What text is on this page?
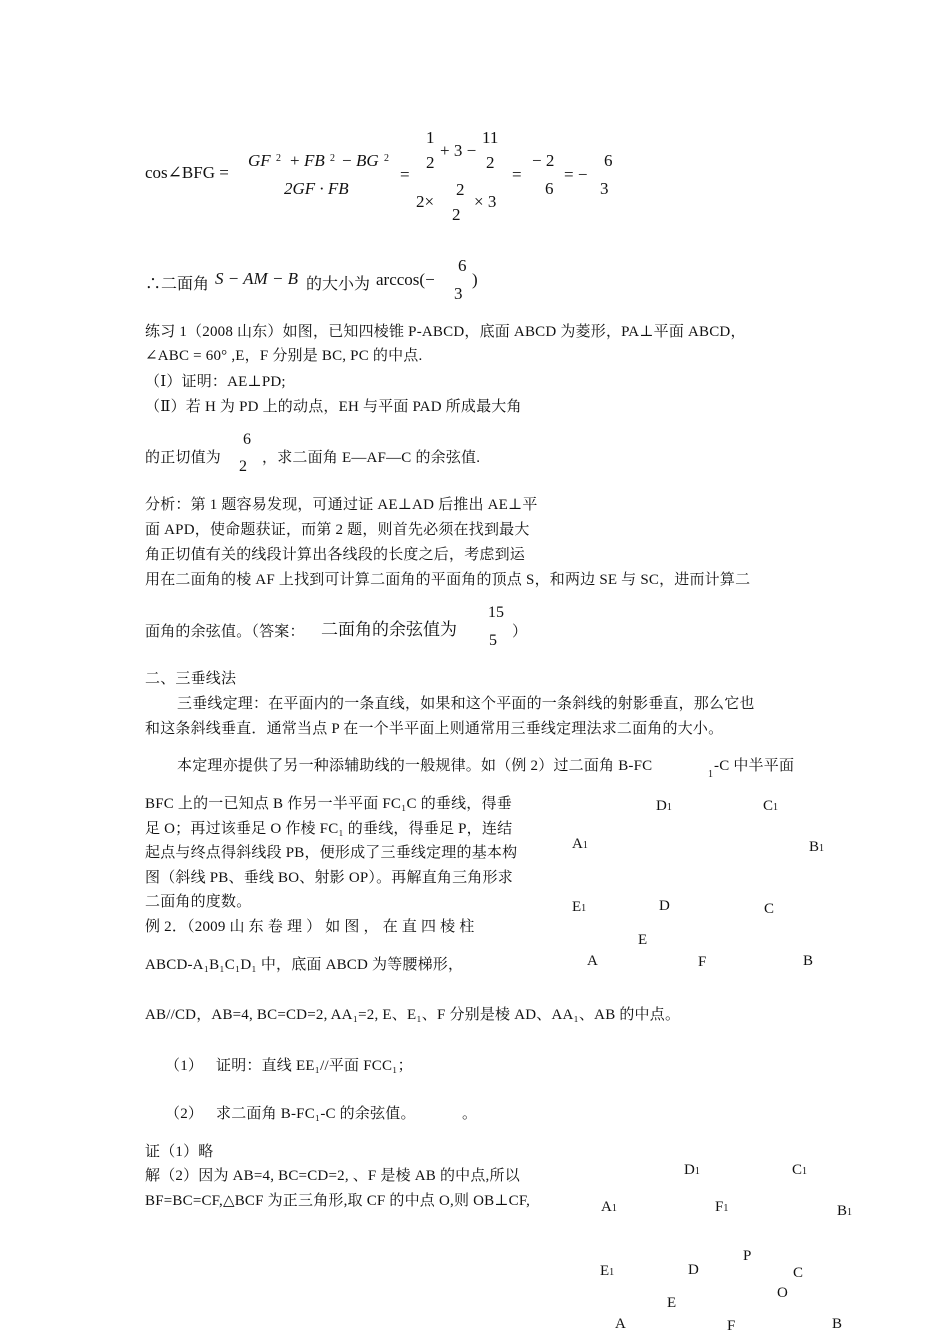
cos∠BFG =
GF 2 + FB 2 − BG 2
2GF · FB
=
1
2
+ 3 −
11
2
2×
2
2
× 3
=
− 2
6
= −
6
3
∴二面角 S − AM − B 的大小为 arccos(−
6
3
)
练习 1（2008 山东）如图，已知四棱锥 P-ABCD，底面 ABCD 为菱形，PA⊥平面 ABCD，
∠ABC = 60° ,E，F 分别是 BC, PC 的中点.
（Ⅰ）证明：AE⊥PD;
（Ⅱ）若 H 为 PD 上的动点，EH 与平面 PAD 所成最大角
的正切值为
6
2 ，求二面角 E—AF—C 的余弦值.
分析：第 1 题容易发现，可通过证 AE⊥AD 后推出 AE⊥平
面 APD，使命题获证，而第 2 题，则首先必须在找到最大
角正切值有关的线段计算出各线段的长度之后，考虑到运
用在二面角的棱 AF 上找到可计算二面角的平面角的顶点 S，和两边 SE 与 SC，进而计算二
面角的余弦值。（答案： 二面角的余弦值为
15
5 ）
二、三垂线法
三垂线定理：在平面内的一条直线，如果和这个平面的一条斜线的射影垂直，那么它也
和这条斜线垂直．通常当点 P 在一个半平面上则通常用三垂线定理法求二面角的大小。
本定理亦提供了另一种添辅助线的一般规律。如（例 2）过二面角 B-FC
1
-C 中半平面
BFC 上的一已知点 B 作另一半平面 FC₁C 的垂线，得垂
足 O；再过该垂足 O 作棱 FC₁ 的垂线，得垂足 P，连结
起点与终点得斜线段 PB，便形成了三垂线定理的基本构
图（斜线 PB、垂线 BO、射影 OP）。再解直角三角形求
二面角的度数。
例 2．（2009 山 东 卷 理 ） 如 图 ， 在 直 四 棱 柱
ABCD-A₁B₁C₁D₁ 中，底面 ABCD 为等腰梯形，
AB//CD，AB=4, BC=CD=2, AA₁=2, E、E₁、F 分别是棱 AD、AA₁、AB 的中点。
（1） 证明：直线 EE₁//平面 FCC₁；
（2） 求二面角 B-FC₁-C 的余弦值。	。
证（1）略
解（2）因为 AB=4, BC=CD=2, 、F 是棱 AB 的中点,所以
BF=BC=CF,△BCF 为正三角形,取 CF 的中点 O,则 OB⊥CF,
D1	C1
A1	B1
E1	D	C
E
A	F	B
D1	C1
A1	F1	B1
P
E1	D	C
O
E
A	F	B
